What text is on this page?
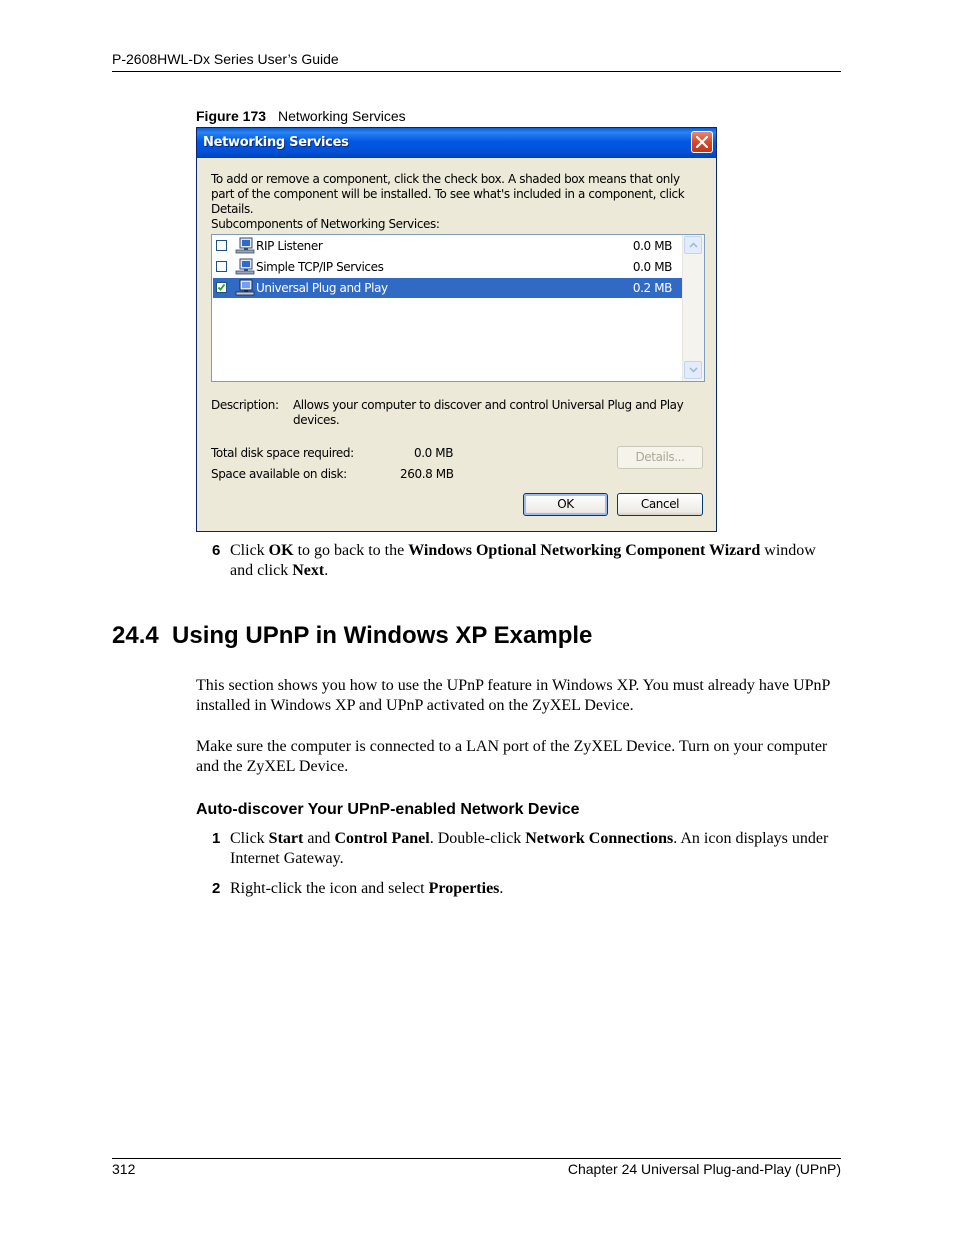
P-2608HWL-Dx Series User’s Guide
Figure 173 Networking Services
Networking Services
To add or remove a component, click the check box. A shaded box means that only part of the component will be installed. To see what's included in a component, click Details.
Subcomponents of Networking Services:
RIP Listener	0.0 MB
Simple TCP/IP Services	0.0 MB
Universal Plug and Play	0.2 MB
Description: Allows your computer to discover and control Universal Plug and Play devices.
Total disk space required:	0.0 MB
Space available on disk:	260.8 MB
Details...
OK	Cancel
6 Click OK to go back to the Windows Optional Networking Component Wizard window and click Next.
24.4  Using UPnP in Windows XP Example
This section shows you how to use the UPnP feature in Windows XP. You must already have UPnP installed in Windows XP and UPnP activated on the ZyXEL Device.
Make sure the computer is connected to a LAN port of the ZyXEL Device. Turn on your computer and the ZyXEL Device.
Auto-discover Your UPnP-enabled Network Device
1 Click Start and Control Panel. Double-click Network Connections. An icon displays under Internet Gateway.
2 Right-click the icon and select Properties.
312	Chapter 24 Universal Plug-and-Play (UPnP)
